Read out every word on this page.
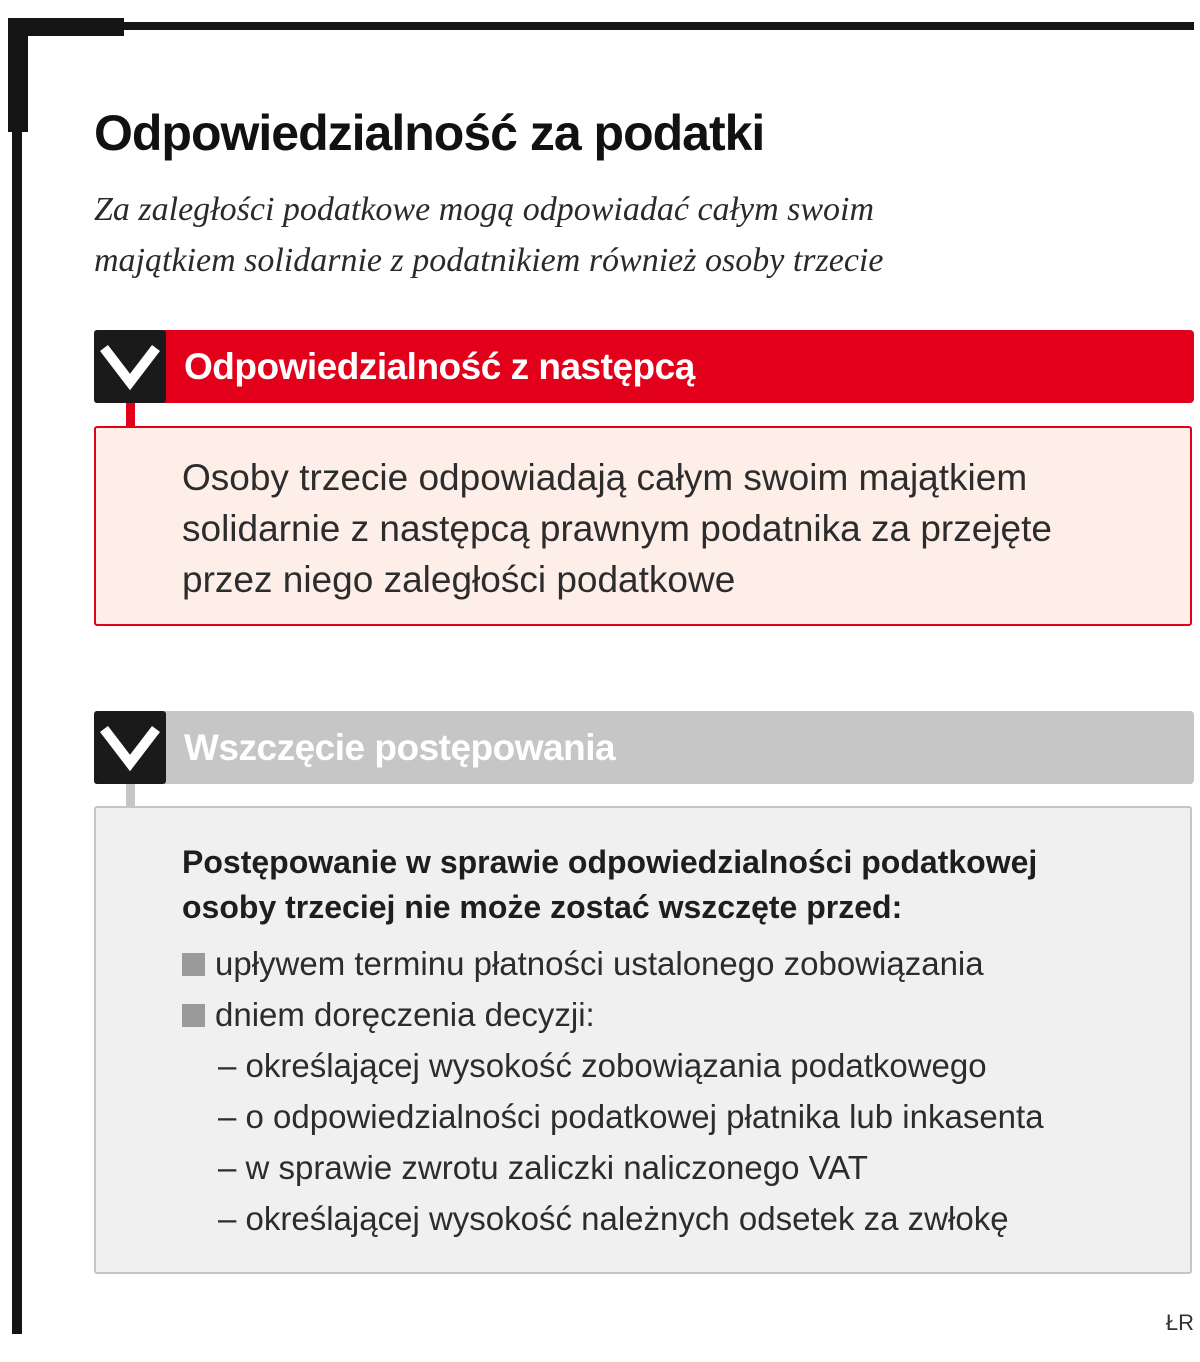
Odpowiedzialność za podatki

Za zaległości podatkowe mogą odpowiadać całym swoim
majątkiem solidarnie z podatnikiem również osoby trzecie

Odpowiedzialność z następcą

Osoby trzecie odpowiadają całym swoim majątkiem
solidarnie z następcą prawnym podatnika za przejęte
przez niego zaległości podatkowe

Wszczęcie postępowania

Postępowanie w sprawie odpowiedzialności podatkowej
osoby trzeciej nie może zostać wszczęte przed:

upływem terminu płatności ustalonego zobowiązania
dniem doręczenia decyzji:
– określającej wysokość zobowiązania podatkowego
– o odpowiedzialności podatkowej płatnika lub inkasenta
– w sprawie zwrotu zaliczki naliczonego VAT
– określającej wysokość należnych odsetek za zwłokę
ŁR
